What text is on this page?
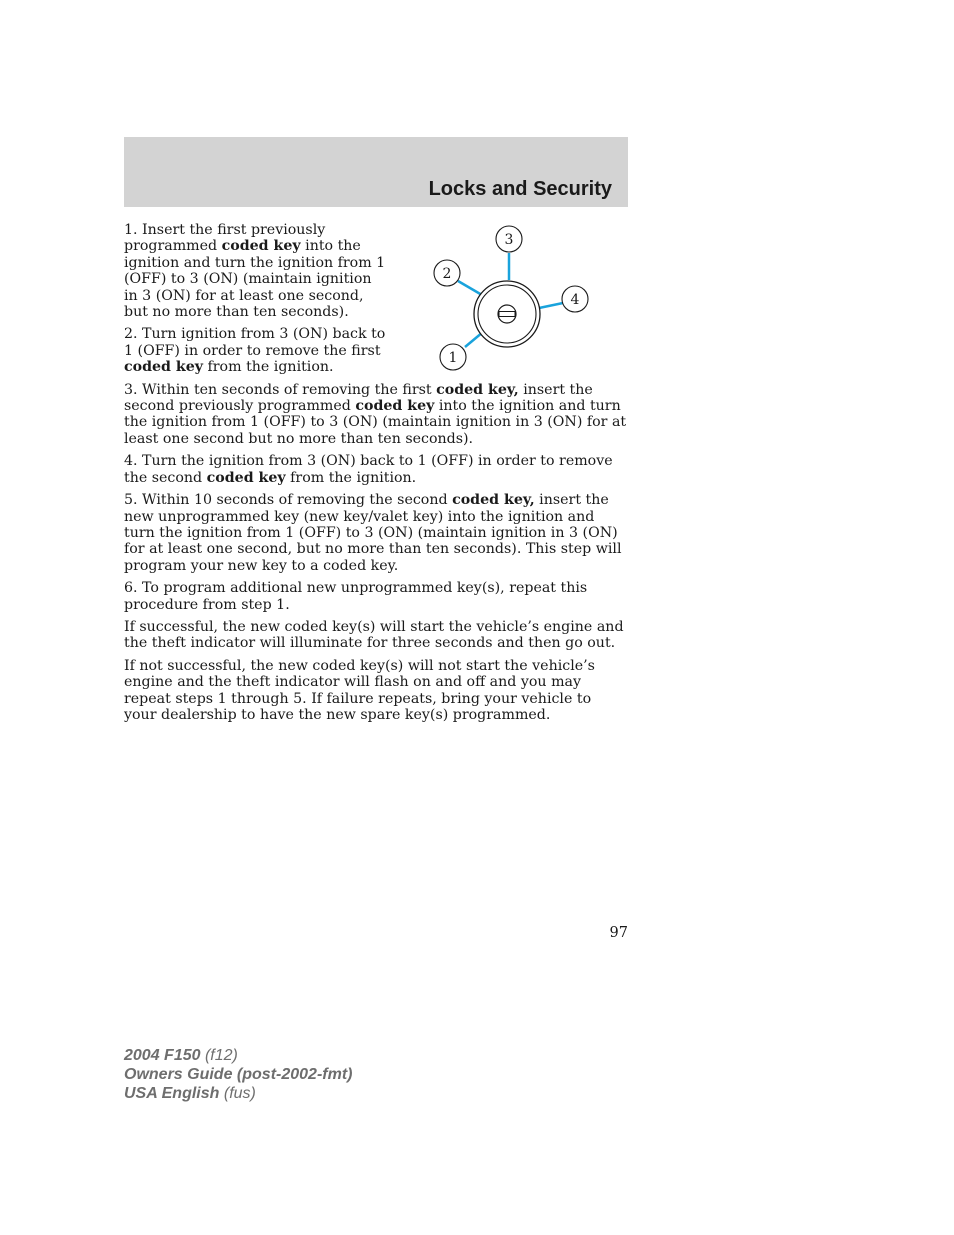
Locks and Security
3
2
4
1

1. Insert the first previously programmed coded key into the ignition and turn the ignition from 1 (OFF) to 3 (ON) (maintain ignition in 3 (ON) for at least one second, but no more than ten seconds).

2. Turn ignition from 3 (ON) back to 1 (OFF) in order to remove the first coded key from the ignition.

3. Within ten seconds of removing the first coded key, insert the second previously programmed coded key into the ignition and turn the ignition from 1 (OFF) to 3 (ON) (maintain ignition in 3 (ON) for at least one second but no more than ten seconds).

4. Turn the ignition from 3 (ON) back to 1 (OFF) in order to remove the second coded key from the ignition.

5. Within 10 seconds of removing the second coded key, insert the new unprogrammed key (new key/valet key) into the ignition and turn the ignition from 1 (OFF) to 3 (ON) (maintain ignition in 3 (ON) for at least one second, but no more than ten seconds). This step will program your new key to a coded key.

6. To program additional new unprogrammed key(s), repeat this procedure from step 1.

If successful, the new coded key(s) will start the vehicle’s engine and the theft indicator will illuminate for three seconds and then go out.

If not successful, the new coded key(s) will not start the vehicle’s engine and the theft indicator will flash on and off and you may repeat steps 1 through 5. If failure repeats, bring your vehicle to your dealership to have the new spare key(s) programmed.

97
2004 F150 (f12)
Owners Guide (post-2002-fmt)
USA English (fus)
